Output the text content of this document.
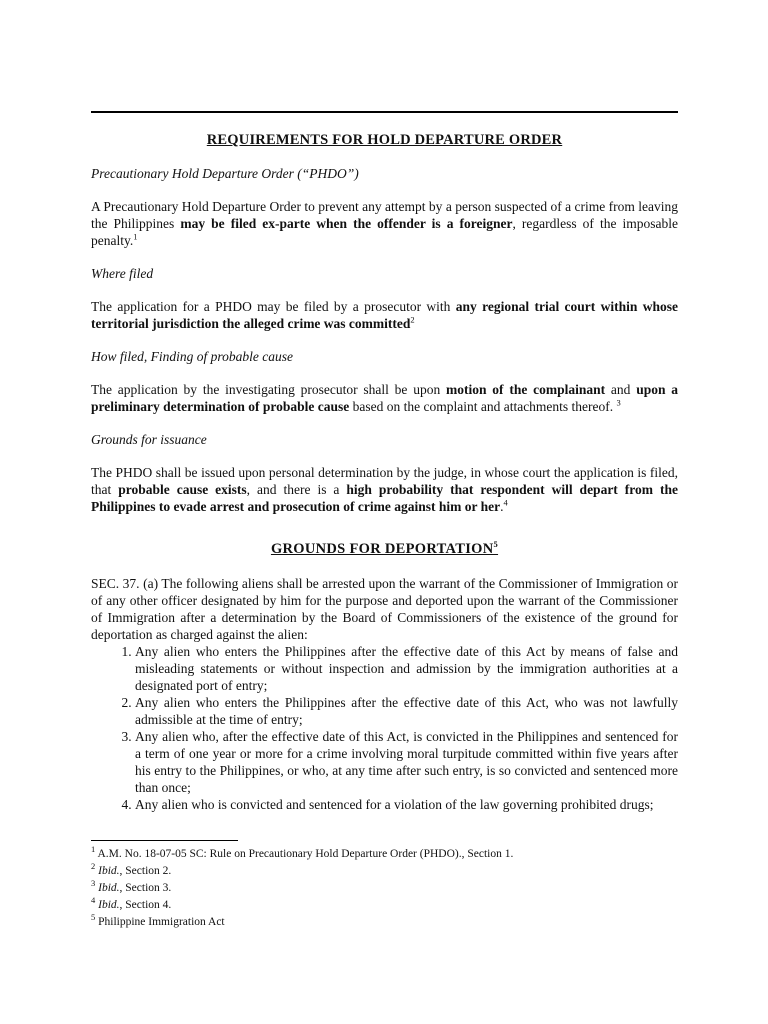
REQUIREMENTS FOR HOLD DEPARTURE ORDER
Precautionary Hold Departure Order (“PHDO”)

A Precautionary Hold Departure Order to prevent any attempt by a person suspected of a crime from leaving the Philippines may be filed ex-parte when the offender is a foreigner, regardless of the imposable penalty.$^1$

Where filed

The application for a PHDO may be filed by a prosecutor with any regional trial court within whose territorial jurisdiction the alleged crime was committed$^2$

How filed, Finding of probable cause

The application by the investigating prosecutor shall be upon motion of the complainant and upon a preliminary determination of probable cause based on the complaint and attachments thereof. $^3$

Grounds for issuance

The PHDO shall be issued upon personal determination by the judge, in whose court the application is filed, that probable cause exists, and there is a high probability that respondent will depart from the Philippines to evade arrest and prosecution of crime against him or her.$^4$

GROUNDS FOR DEPORTATION$^5$

SEC. 37. (a) The following aliens shall be arrested upon the warrant of the Commissioner of Immigration or of any other officer designated by him for the purpose and deported upon the warrant of the Commissioner of Immigration after a determination by the Board of Commissioners of the existence of the ground for deportation as charged against the alien:

1. Any alien who enters the Philippines after the effective date of this Act by means of false and misleading statements or without inspection and admission by the immigration authorities at a designated port of entry;
2. Any alien who enters the Philippines after the effective date of this Act, who was not lawfully admissible at the time of entry;
3. Any alien who, after the effective date of this Act, is convicted in the Philippines and sentenced for a term of one year or more for a crime involving moral turpitude committed within five years after his entry to the Philippines, or who, at any time after such entry, is so convicted and sentenced more than once;
4. Any alien who is convicted and sentenced for a violation of the law governing prohibited drugs;
$^1$ A.M. No. 18-07-05 SC: Rule on Precautionary Hold Departure Order (PHDO)., Section 1.
$^2$ Ibid., Section 2.
$^3$ Ibid., Section 3.
$^4$ Ibid., Section 4.
$^5$ Philippine Immigration Act
